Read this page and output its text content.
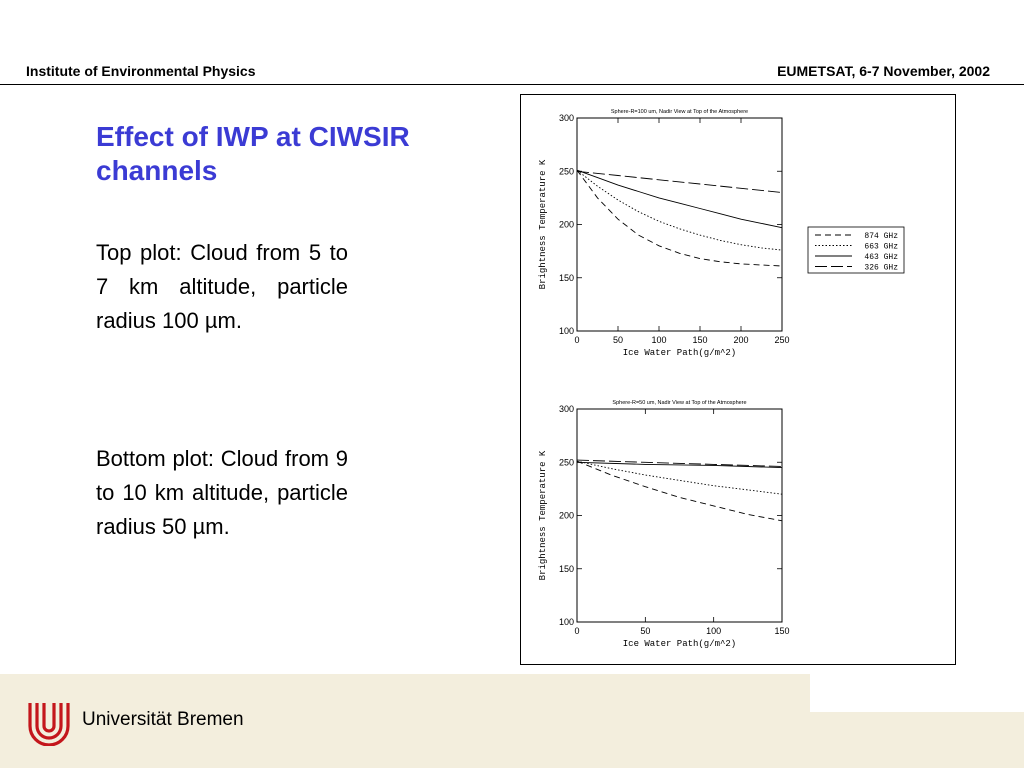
Institute of Environmental Physics	EUMETSAT, 6-7 November, 2002
Effect of IWP at CIWSIR channels
Top plot: Cloud from 5 to 7 km altitude, particle radius 100 µm.
Bottom plot: Cloud from 9 to 10 km altitude, particle radius 50 µm.
Sphere-R=100 um, Nadir View at Top of the Atmosphere
0	50	100	150	200	250
100
150
200
250
300
Ice Water Path(g/m^2)
Brightness Temperature K	874 GHz
663 GHz
463 GHz
326 GHz
Sphere-R=50 um, Nadir View at Top of the Atmosphere
0	50	100	150
100
150
200
250
300
Ice Water Path(g/m^2)
Brightness Temperature K
Universität Bremen
